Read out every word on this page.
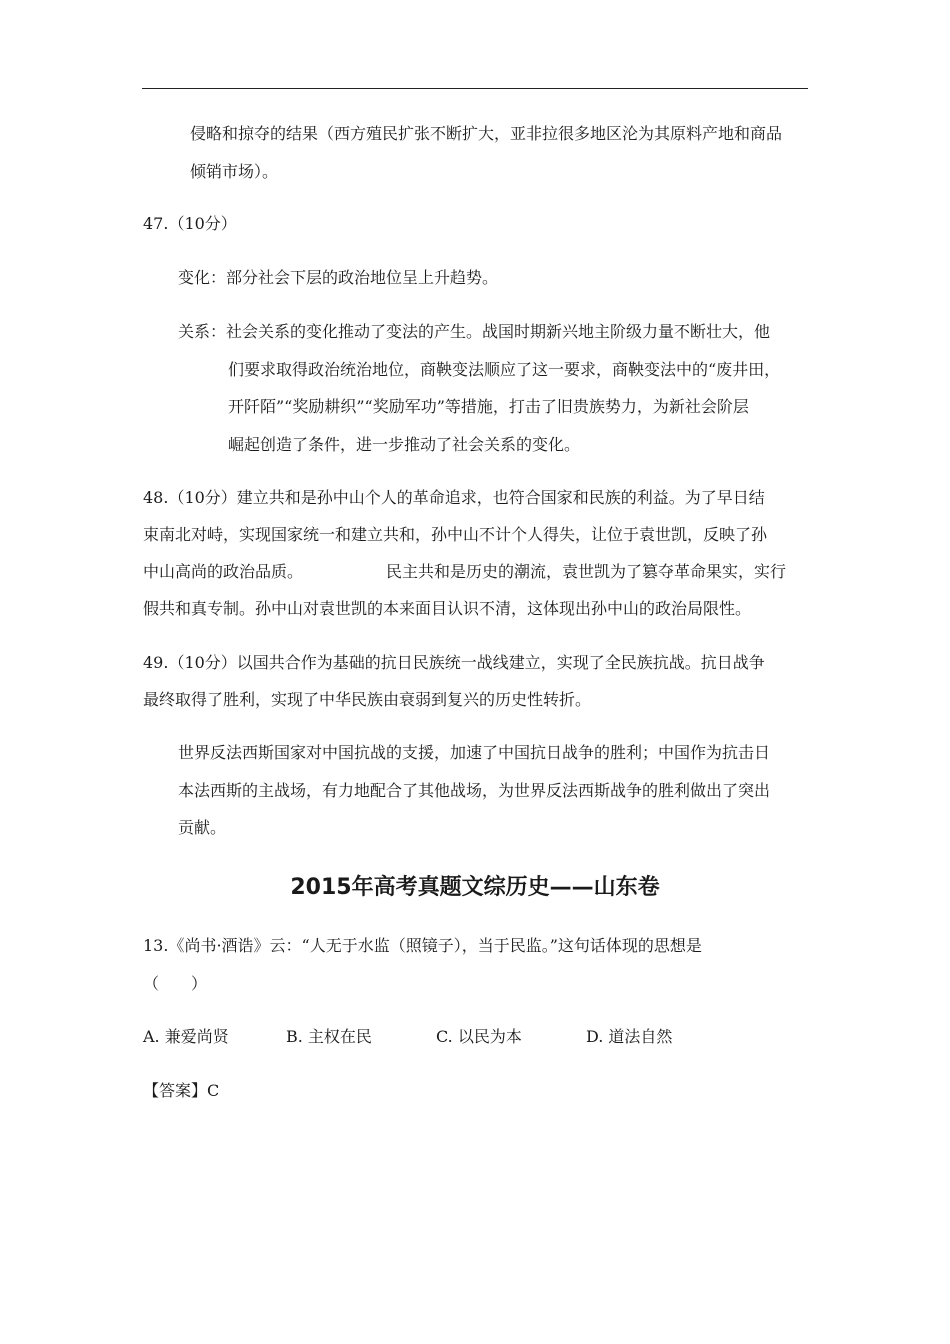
侵略和掠夺的结果（西方殖民扩张不断扩大，亚非拉很多地区沦为其原料产地和商品
倾销市场）。
47.（10分）
变化：部分社会下层的政治地位呈上升趋势。
关系：社会关系的变化推动了变法的产生。战国时期新兴地主阶级力量不断壮大，他
们要求取得政治统治地位，商鞅变法顺应了这一要求，商鞅变法中的“废井田，
开阡陌”“奖励耕织”“奖励军功”等措施，打击了旧贵族势力，为新社会阶层
崛起创造了条件，进一步推动了社会关系的变化。
48.（10分）建立共和是孙中山个人的革命追求，也符合国家和民族的利益。为了早日结
束南北对峙，实现国家统一和建立共和，孙中山不计个人得失，让位于袁世凯，反映了孙
中山高尚的政治品质。	民主共和是历史的潮流，袁世凯为了篡夺革命果实，实行
假共和真专制。孙中山对袁世凯的本来面目认识不清，这体现出孙中山的政治局限性。
49.（10分）以国共合作为基础的抗日民族统一战线建立，实现了全民族抗战。抗日战争
最终取得了胜利，实现了中华民族由衰弱到复兴的历史性转折。
世界反法西斯国家对中国抗战的支援，加速了中国抗日战争的胜利；中国作为抗击日
本法西斯的主战场，有力地配合了其他战场，为世界反法西斯战争的胜利做出了突出
贡献。
2015年高考真题文综历史——山东卷
13.《尚书·酒诰》云：“人无于水监（照镜子），当于民监。”这句话体现的思想是
（　　）
A. 兼爱尚贤	B. 主权在民	C. 以民为本	D. 道法自然
【答案】C
